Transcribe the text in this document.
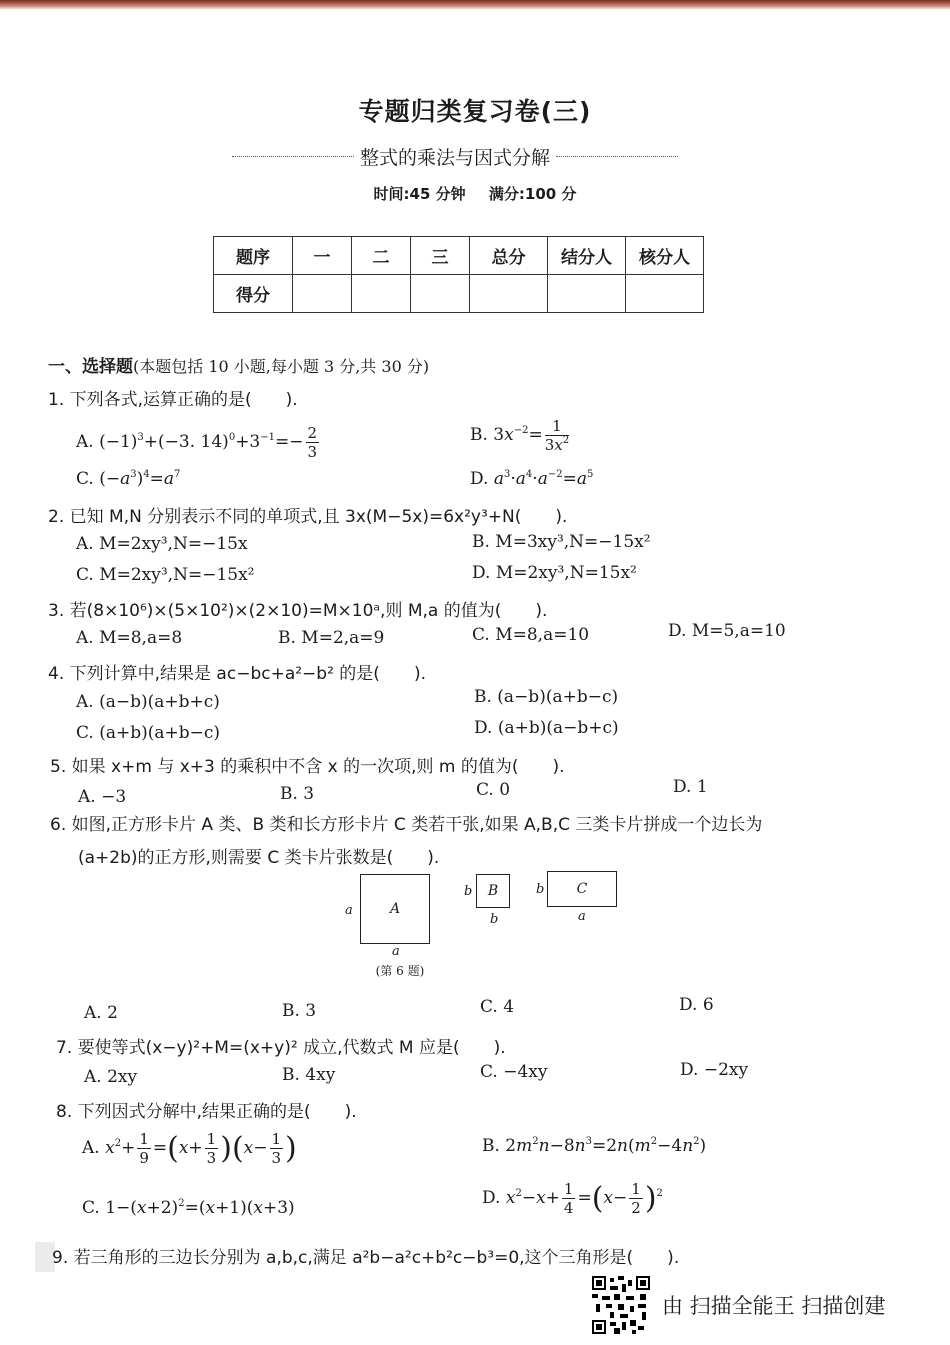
专题归类复习卷(三)
整式的乘法与因式分解
时间:45 分钟 满分:100 分
题序	一	二	三	总分	结分人	核分人
得分						
一、选择题(本题包括 10 小题,每小题 3 分,共 30 分)
1. 下列各式,运算正确的是(　　).
A. $(-1)^3+(-3$. $14)^0+3^{-1}=- \frac{2}{3}$	B. $3x^{-2}= \frac{1}{3x^2}$
C. $(-a^3)^4=a^7$	D. $a^3\cdot a^4\cdot a^{-2}=a^5$
2. 已知 M,N 分别表示不同的单项式,且 3x(M−5x)=6x²y³+N(　　).
A. M=2xy³,N=−15x	B. M=3xy³,N=−15x²
C. M=2xy³,N=−15x²	D. M=2xy³,N=15x²
3. 若(8×10⁶)×(5×10²)×(2×10)=M×10ᵃ,则 M,a 的值为(　　).
A. M=8,a=8	B. M=2,a=9	C. M=8,a=10	D. M=5,a=10
4. 下列计算中,结果是 ac−bc+a²−b² 的是(　　).
A. (a−b)(a+b+c)	B. (a−b)(a+b−c)
C. (a+b)(a+b−c)	D. (a+b)(a−b+c)
5. 如果 x+m 与 x+3 的乘积中不含 x 的一次项,则 m 的值为(　　).
A. −3	B. 3	C. 0	D. 1
6. 如图,正方形卡片 A 类、B 类和长方形卡片 C 类若干张,如果 A,B,C 三类卡片拼成一个边长为
(a+2b)的正方形,则需要 C 类卡片张数是(　　).
A
a
a
B
b
b
C
b
a
(第 6 题)
A. 2	B. 3	C. 4	D. 6
7. 要使等式(x−y)²+M=(x+y)² 成立,代数式 M 应是(　　).
A. 2xy	B. 4xy	C. −4xy	D. −2xy
8. 下列因式分解中,结果正确的是(　　).
A. $x^2+ \frac{1}{9} =(x+ \frac{1}{3} )(x- \frac{1}{3}$ )	B. $2m^2n-8n^3=2n(m^2-4n^2)$
C. $1-(x+2)^2=(x+1)(x+3)$	D. $x^2-x+ \frac{1}{4} =(x- \frac{1}{2} )^2$
9. 若三角形的三边长分别为 a,b,c,满足 a²b−a²c+b²c−b³=0,这个三角形是(　　).
由 扫描全能王 扫描创建
